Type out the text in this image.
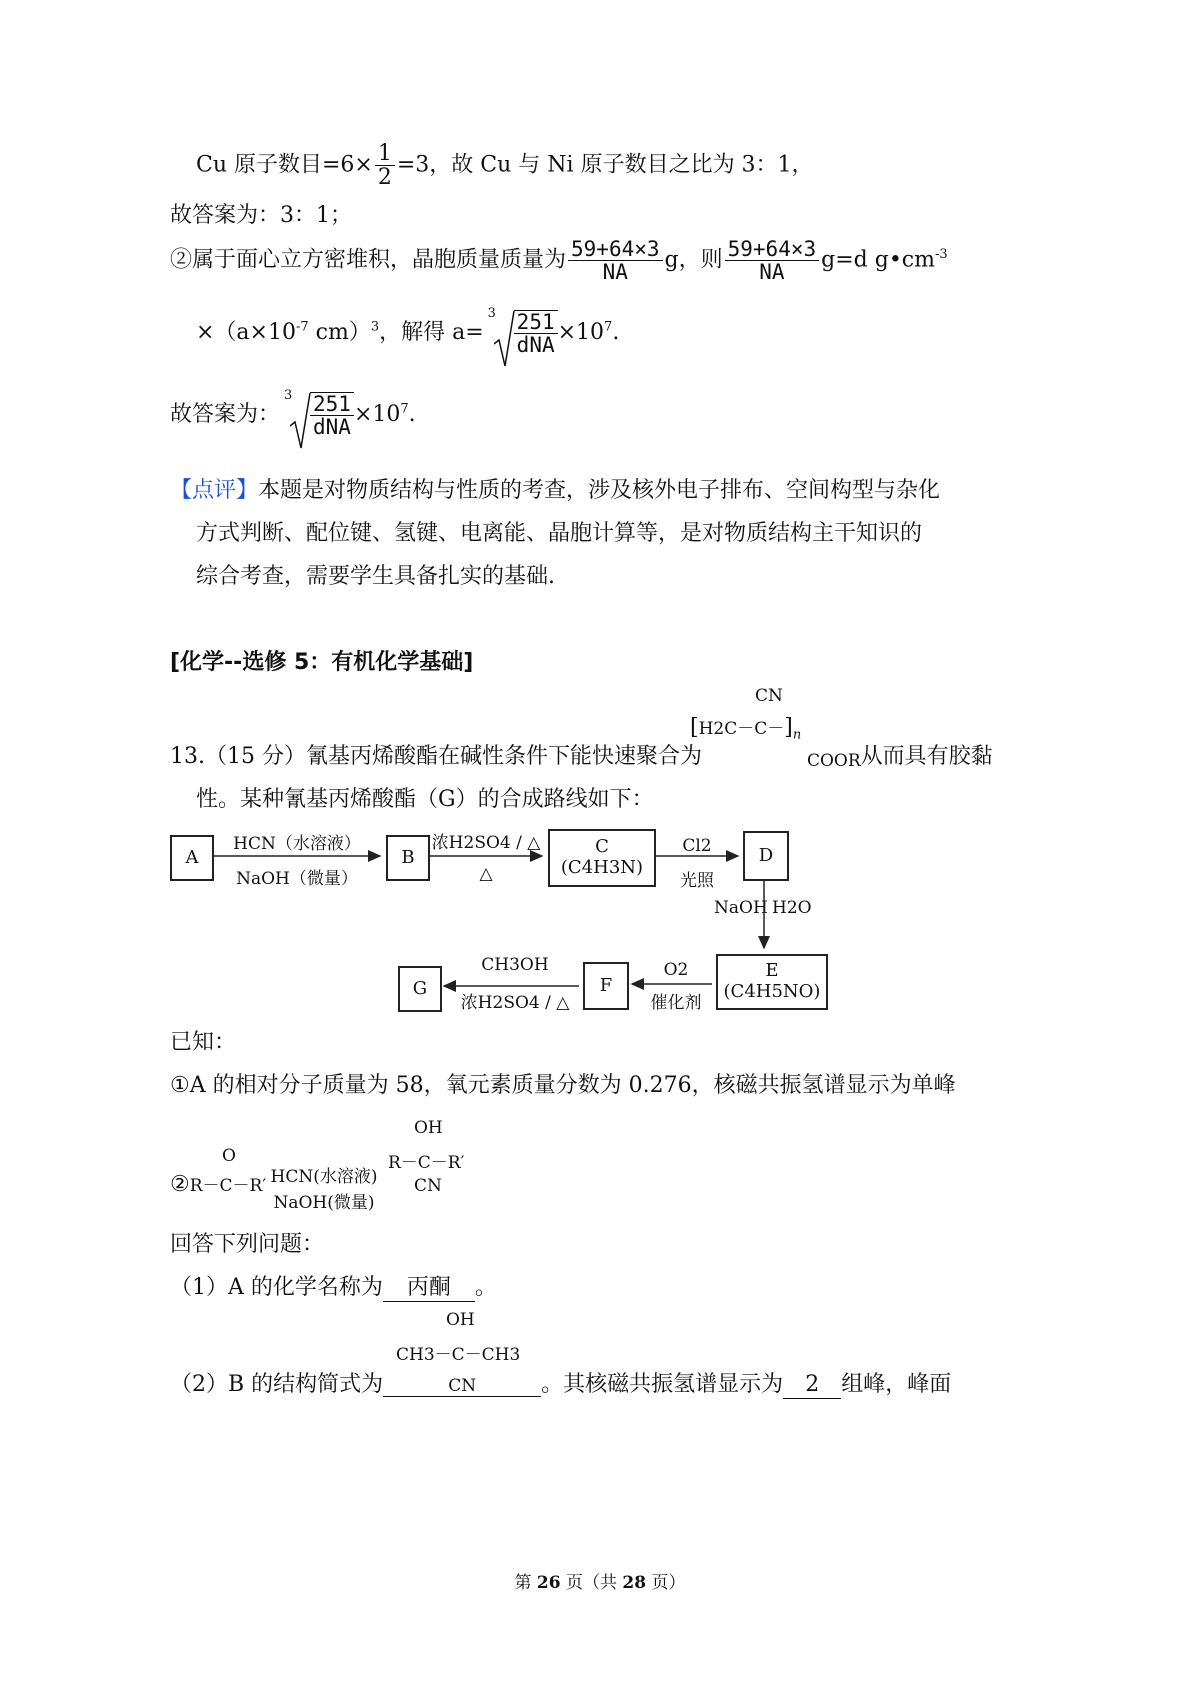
Cu 原子数目$=6\times \frac{1}{2} =3$，故 Cu 与 Ni 原子数目之比为 3：1，
故答案为：3：1；
②属于面心立方密堆积，晶胞质量质量为 $\frac{59+64\times 3}{NA}$ g，则 $\frac{59+64\times 3}{NA} g=d$ $g•cm^{-3}$
$\times(a\times 10^{-7}$ cm）$^3$，解得 a=
$3 \frac{251}{\text{dNA}} \times 10^7$.
故答案为：
$3 \frac{251}{\text{dNA}} \times 10^7$.
【点评】本题是对物质结构与性质的考查，涉及核外电子排布、空间构型与杂化
方式判断、配位键、氢键、电离能、晶胞计算等，是对物质结构主干知识的
综合考查，需要学生具备扎实的基础.
[化学--选修 5：有机化学基础]
CN
$[H2C-C-]_n$
13.（15 分）氰基丙烯酸酯在碱性条件下能快速聚合为	COOR从而具有胶黏
性。某种氰基丙烯酸酯（G）的合成路线如下：
A
HCN（水溶液）
NaOH（微量）
B
浓H2SO4 / △
△
C
(C4H3N)
Cl2
光照
D
NaOH H2O
E
(C4H5NO)
O2
催化剂
F
CH3OH
浓H2SO4 / △
G
已知：
①A 的相对分子质量为 58，氧元素质量分数为 0.276，核磁共振氢谱显示为单峰
O
②R－C－R′ HCN(水溶液)
NaOH(微量)
OH
R－C－R′
CN
回答下列问题：
（1）A 的化学名称为 丙酮 。
OH
CH3－C－CH3
（2）B 的结构简式为	CN	。其核磁共振氢谱显示为 2 组峰，峰面
第 26 页（共 28 页）
